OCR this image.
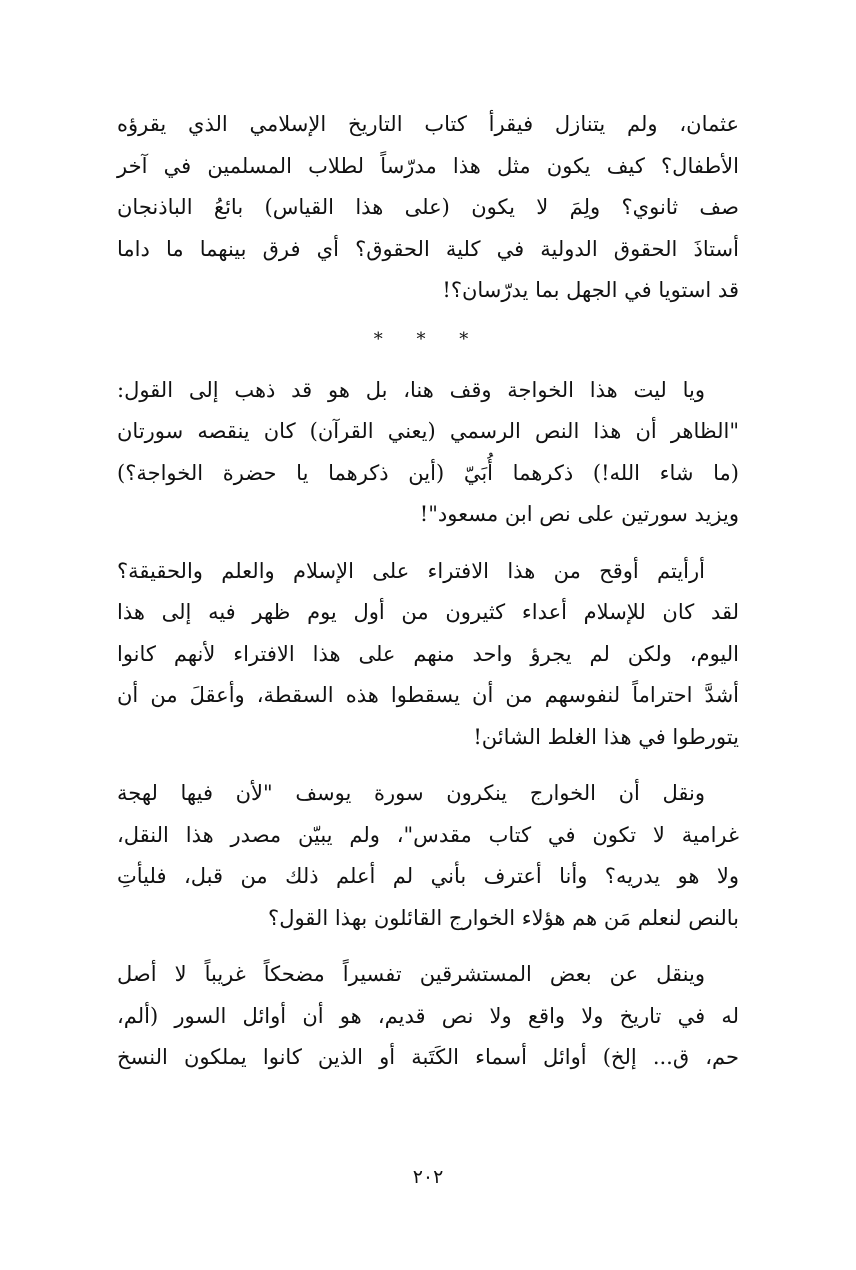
عثمان، ولم يتنازل فيقرأ كتاب التاريخ الإسلامي الذي يقرؤه
الأطفال؟ كيف يكون مثل هذا مدرّساً لطلاب المسلمين في آخر
صف ثانوي؟ ولِمَ لا يكون (على هذا القياس) بائعُ الباذنجان
أستاذَ الحقوق الدولية في كلية الحقوق؟ أي فرق بينهما ما داما
قد استويا في الجهل بما يدرّسان؟!
* * *
ويا ليت هذا الخواجة وقف هنا، بل هو قد ذهب إلى القول:
"الظاهر أن هذا النص الرسمي (يعني القرآن) كان ينقصه سورتان
(ما شاء الله!) ذكرهما أُبَيّ (أين ذكرهما يا حضرة الخواجة؟)
ويزيد سورتين على نص ابن مسعود"!
أرأيتم أوقح من هذا الافتراء على الإسلام والعلم والحقيقة؟
لقد كان للإسلام أعداء كثيرون من أول يوم ظهر فيه إلى هذا
اليوم، ولكن لم يجرؤ واحد منهم على هذا الافتراء لأنهم كانوا
أشدَّ احتراماً لنفوسهم من أن يسقطوا هذه السقطة، وأعقلَ من أن
يتورطوا في هذا الغلط الشائن!
ونقل أن الخوارج ينكرون سورة يوسف "لأن فيها لهجة
غرامية لا تكون في كتاب مقدس"، ولم يبيّن مصدر هذا النقل،
ولا هو يدريه؟ وأنا أعترف بأني لم أعلم ذلك من قبل، فليأتِ
بالنص لنعلم مَن هم هؤلاء الخوارج القائلون بهذا القول؟
وينقل عن بعض المستشرقين تفسيراً مضحكاً غريباً لا أصل
له في تاريخ ولا واقع ولا نص قديم، هو أن أوائل السور (ألم،
حم، ق... إلخ) أوائل أسماء الكَتَبة أو الذين كانوا يملكون النسخ
٢٠٢
